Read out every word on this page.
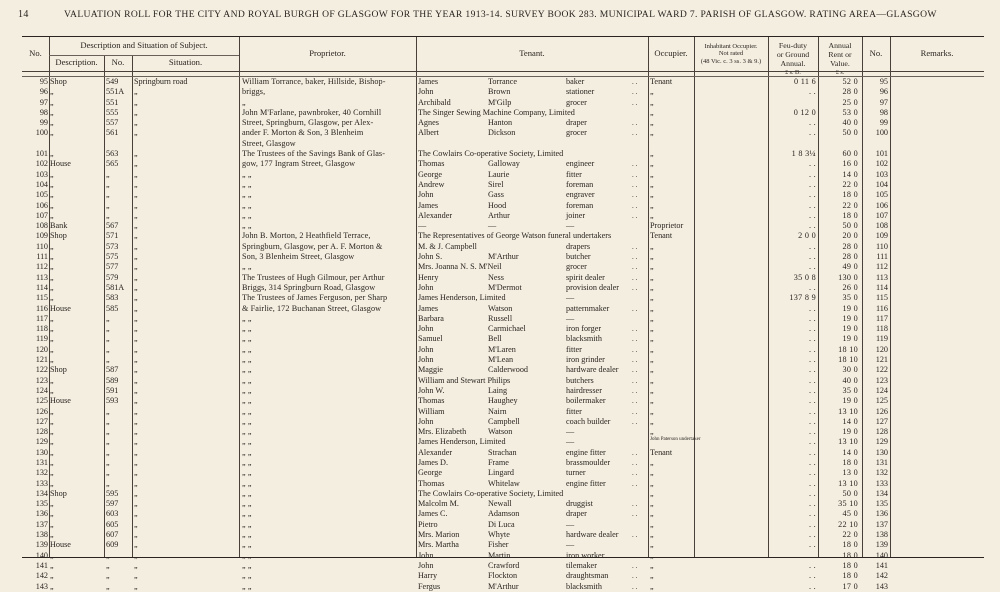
14	VALUATION ROLL FOR THE CITY AND ROYAL BURGH OF GLASGOW FOR THE YEAR 1913-14. SURVEY BOOK 283. MUNICIPAL WARD 7. PARISH OF GLASGOW. RATING AREA—GLASGOW
No.
Description and Situation of Subject.
Description.	No.	Situation.
Proprietor.	Tenant.	Occupier.
Inhabitant Occupier.
Not rated
(48 Vic. c. 3 ss. 3 & 9.)
Feu-duty
or Ground
Annual.
Annual
Rent or
Value.
No.	Remarks.
£ s. D.	£ s.
95 Shop	549	Springburn road	William Torrance, baker, Hillside, Bishop-	James	Torrance	baker	. .	Tenant	0 11 6	52 0	95
96 „	551A	„	briggs,	John	Brown	stationer	. .	„	. .	28 0	96
97 „	551	„	„	Archibald	M'Gilp	grocer	. .	„	25 0	97
98 „	555	„	John M'Farlane, pawnbroker, 40 Cornhill	The Singer Sewing Machine Company, Limited	„	0 12 0	53 0	98
99 „	557	„	Street, Springburn, Glasgow, per Alex-	Agnes	Hanton	draper	. .	„	. .	40 0	99
100 „	561	„	ander F. Morton & Son, 3 Blenheim	Albert	Dickson	grocer	. .	„	. .	50 0	100
Street, Glasgow
101 „	563	„	The Trustees of the Savings Bank of Glas-	The Cowlairs Co-operative Society, Limited	„	1 8 3¼	60 0	101
102 House	565	„	gow, 177 Ingram Street, Glasgow	Thomas	Galloway	engineer	. .	„	. .	16 0	102
103 „	„	„	„ „	George	Laurie	fitter	. .	„	. .	14 0	103
104 „	„	„	„ „	Andrew	Sirel	foreman	. .	„	. .	22 0	104
105 „	„	„	„ „	John	Gass	engraver	. .	„	. .	18 0	105
106 „	„	„	„ „	James	Hood	foreman	. .	„	. .	22 0	106
107 „	„	„	„ „	Alexander	Arthur	joiner	. .	„	. .	18 0	107
108 Bank	567	„	„ „	—	—	—	Proprietor	. .	50 0	108
109 Shop	571	„	John B. Morton, 2 Heathfield Terrace,	The Representatives of George Watson funeral undertakers	Tenant	2 0 0	20 0	109
110 „	573	„	Springburn, Glasgow, per A. F. Morton &	M. & J. Campbell	drapers	. .	„	. .	28 0	110
111 „	575	„	Son, 3 Blenheim Street, Glasgow	John S.	M'Arthur	butcher	. .	„	. .	28 0	111
112 „	577	„	„ „	Mrs. Joanna N. S. M'Neil	grocer	. .	„	. .	49 0	112
113 „	579	„	The Trustees of Hugh Gilmour, per Arthur	Henry	Ness	spirit dealer	. .	„	35 0 8	130 0	113
114 „	581A	„	Briggs, 314 Springburn Road, Glasgow	John	M'Dermot	provision dealer	. .	„	. .	26 0	114
115 „	583	„	The Trustees of James Ferguson, per Sharp	James Henderson, Limited	—	„	137 8 9	35 0	115
116 House	585	„	& Fairlie, 172 Buchanan Street, Glasgow	James	Watson	patternmaker	. .	„	. .	19 0	116
117 „	„	„	„ „	Barbara	Russell	—	„	. .	19 0	117
118 „	„	„	„ „	John	Carmichael	iron forger	. .	„	. .	19 0	118
119 „	„	„	„ „	Samuel	Bell	blacksmith	. .	„	. .	19 0	119
120 „	„	„	„ „	John	M'Laren	fitter	. .	„	. .	18 10	120
121 „	„	„	„ „	John	M'Lean	iron grinder	. .	„	. .	18 10	121
122 Shop	587	„	„ „	Maggie	Calderwood	hardware dealer	. .	„	. .	30 0	122
123 „	589	„	„ „	William and Stewart Philips	butchers	. .	„	. .	40 0	123
124 „	591	„	„ „	John W.	Laing	hairdresser	. .	„	. .	35 0	124
125 House	593	„	„ „	Thomas	Haughey	boilermaker	. .	„	. .	19 0	125
126 „	„	„	„ „	William	Nairn	fitter	. .	„	. .	13 10	126
127 „	„	„	„ „	John	Campbell	coach builder	. .	„	. .	14 0	127
128 „	„	„	„ „	Mrs. Elizabeth	Watson	—	„	. .	19 0	128
129 „	„	„	„ „	James Henderson, Limited	—	John Paterson undertaker	. .	13 10	129
130 „	„	„	„ „	Alexander	Strachan	engine fitter	. .	Tenant	. .	14 0	130
131 „	„	„	„ „	James D.	Frame	brassmoulder	. .	„	. .	18 0	131
132 „	„	„	„ „	George	Lingard	turner	. .	„	. .	13 0	132
133 „	„	„	„ „	Thomas	Whitelaw	engine fitter	. .	„	. .	13 10	133
134 Shop	595	„	„ „	The Cowlairs Co-operative Society, Limited	„	. .	50 0	134
135 „	597	„	„ „	Malcolm M.	Newall	druggist	. .	„	. .	35 10	135
136 „	603	„	„ „	James C.	Adamson	draper	. .	„	. .	45 0	136
137 „	605	„	„ „	Pietro	Di Luca	—	„	. .	22 10	137
138 „	607	„	„ „	Mrs. Marion	Whyte	hardware dealer	. .	„	. .	22 0	138
139 House	609	„	„ „	Mrs. Martha	Fisher	—	„	. .	18 0	139
140 „	„	„	„ „	John	Martin	iron worker	. .	„	. .	18 0	140
141 „	„	„	„ „	John	Crawford	tilemaker	. .	„	. .	18 0	141
142 „	„	„	„ „	Harry	Flockton	draughtsman	. .	„	. .	18 0	142
143 „	„	„	„ „	Fergus	M'Arthur	blacksmith	. .	„	. .	17 0	143
